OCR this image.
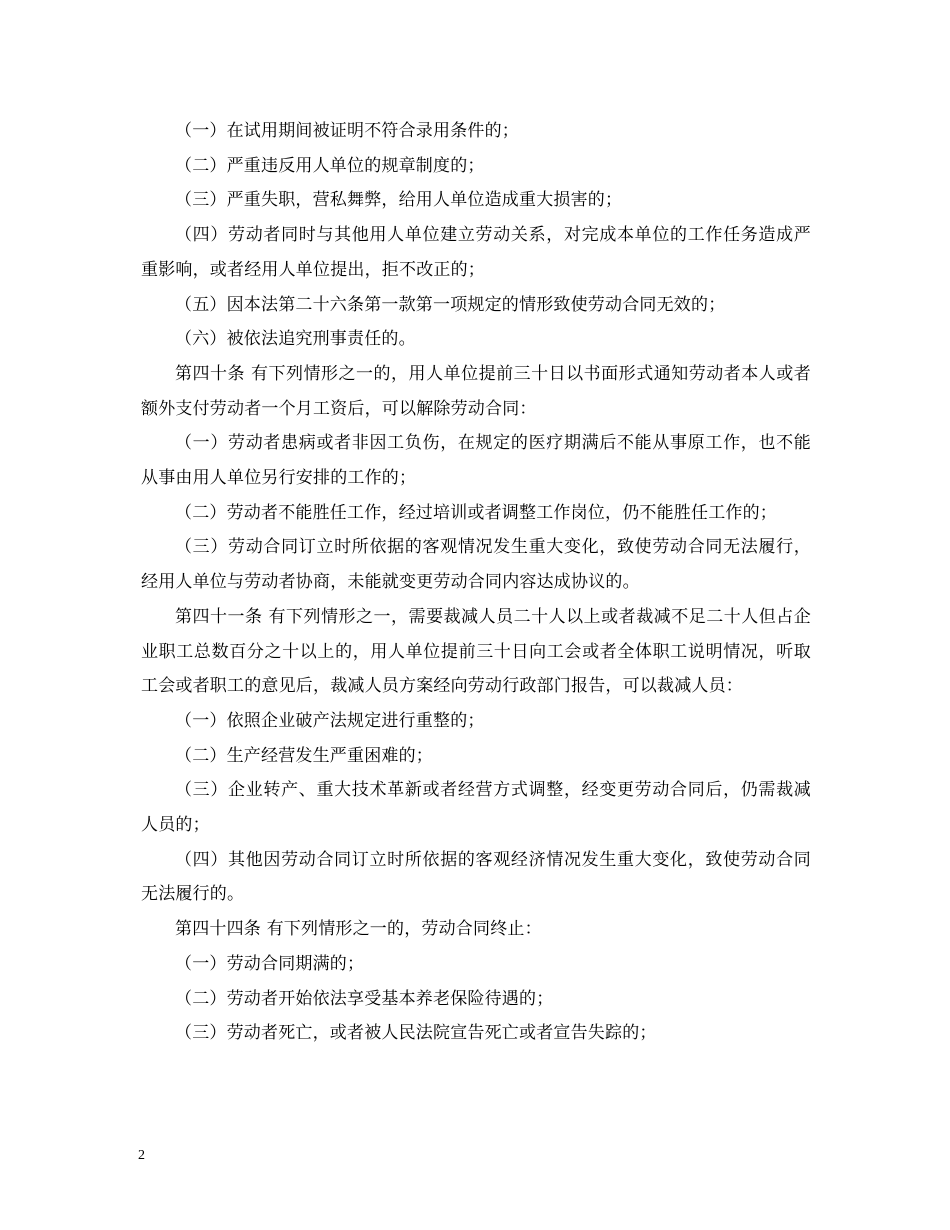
（一）在试用期间被证明不符合录用条件的；

（二）严重违反用人单位的规章制度的；

（三）严重失职，营私舞弊，给用人单位造成重大损害的；

（四）劳动者同时与其他用人单位建立劳动关系，对完成本单位的工作任务造成严重影响，或者经用人单位提出，拒不改正的；

（五）因本法第二十六条第一款第一项规定的情形致使劳动合同无效的；

（六）被依法追究刑事责任的。

第四十条 有下列情形之一的，用人单位提前三十日以书面形式通知劳动者本人或者额外支付劳动者一个月工资后，可以解除劳动合同：

（一）劳动者患病或者非因工负伤，在规定的医疗期满后不能从事原工作，也不能从事由用人单位另行安排的工作的；

（二）劳动者不能胜任工作，经过培训或者调整工作岗位，仍不能胜任工作的；

（三）劳动合同订立时所依据的客观情况发生重大变化，致使劳动合同无法履行，经用人单位与劳动者协商，未能就变更劳动合同内容达成协议的。

第四十一条 有下列情形之一，需要裁减人员二十人以上或者裁减不足二十人但占企业职工总数百分之十以上的，用人单位提前三十日向工会或者全体职工说明情况，听取工会或者职工的意见后，裁减人员方案经向劳动行政部门报告，可以裁减人员：

（一）依照企业破产法规定进行重整的；

（二）生产经营发生严重困难的；

（三）企业转产、重大技术革新或者经营方式调整，经变更劳动合同后，仍需裁减人员的；

（四）其他因劳动合同订立时所依据的客观经济情况发生重大变化，致使劳动合同无法履行的。

第四十四条 有下列情形之一的，劳动合同终止：

（一）劳动合同期满的；

（二）劳动者开始依法享受基本养老保险待遇的；

（三）劳动者死亡，或者被人民法院宣告死亡或者宣告失踪的；

2
